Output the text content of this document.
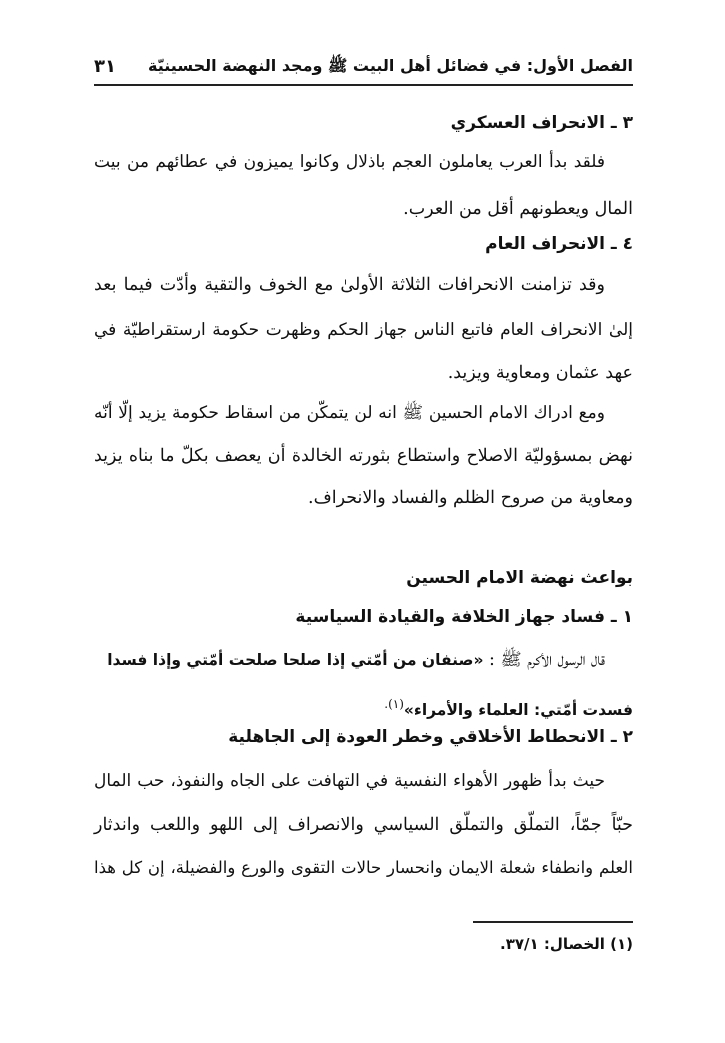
الفصل الأول: في فضائل أهل البيت ﷺ ومجد النهضة الحسينيّة
٣١
٣ ـ الانحراف العسكري
فلقد بدأ العرب يعاملون العجم باذلال وكانوا يميزون في عطائهم من بيت
المال ويعطونهم أقل من العرب.
٤ ـ الانحراف العام
وقد تزامنت الانحرافات الثلاثة الأولىٰ مع الخوف والتقية وأدّت فيما بعد
إلىٰ الانحراف العام فاتبع الناس جهاز الحكم وظهرت حكومة ارستقراطيّة في
عهد عثمان ومعاوية ويزيد.
ومع ادراك الامام الحسين ﷺ انه لن يتمكّن من اسقاط حكومة يزيد إلّا أنّه
نهض بمسؤوليّة الاصلاح واستطاع بثورته الخالدة أن يعصف بكلّ ما بناه يزيد
ومعاوية من صروح الظلم والفساد والانحراف.
بواعث نهضة الامام الحسين
١ ـ فساد جهاز الخلافة والقيادة السياسية
قال الرسول الأكرم ﷺ : «صنفان من أمّتي إذا صلحا صلحت أمّتي وإذا فسدا
فسدت أمّتي: العلماء والأمراء»$^{(١).}$
٢ ـ الانحطاط الأخلاقي وخطر العودة إلى الجاهلية
حيث بدأ ظهور الأهواء النفسية في التهافت على الجاه والنفوذ، حب المال
حبّاً جمّاً، التملّق والتملّق السياسي والانصراف إلى اللهو واللعب واندثار
العلم وانطفاء شعلة الايمان وانحسار حالات التقوى والورع والفضيلة، إن كل هذا
(١) الخصال: ٣٧/١.
